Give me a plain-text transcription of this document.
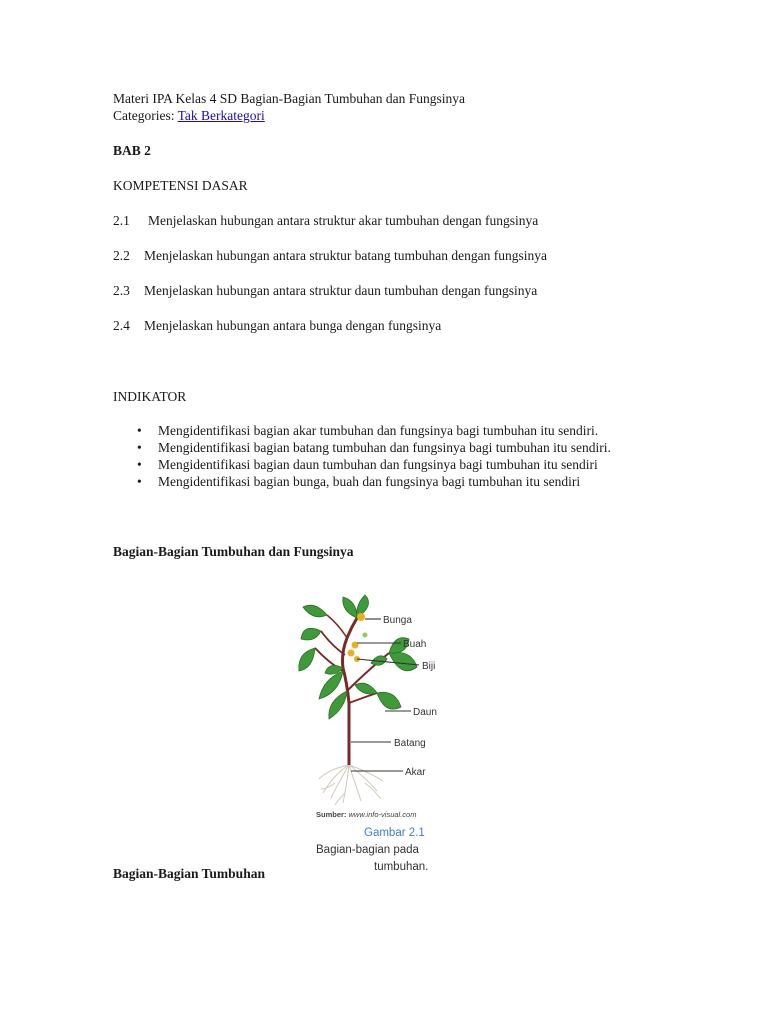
Materi IPA Kelas 4 SD Bagian-Bagian Tumbuhan dan Fungsinya

Categories: Tak Berkategori

BAB 2

KOMPETENSI DASAR

2.1	Menjelaskan hubungan antara struktur akar tumbuhan dengan fungsinya
2.2	Menjelaskan hubungan antara struktur batang tumbuhan dengan fungsinya
2.3	Menjelaskan hubungan antara struktur daun tumbuhan dengan fungsinya
2.4	Menjelaskan hubungan antara bunga dengan fungsinya

INDIKATOR

• Mengidentifikasi bagian akar tumbuhan dan fungsinya bagi tumbuhan itu sendiri.
• Mengidentifikasi bagian batang tumbuhan dan fungsinya bagi tumbuhan itu sendiri.
• Mengidentifikasi bagian daun tumbuhan dan fungsinya bagi tumbuhan itu sendiri
• Mengidentifikasi bagian bunga, buah dan fungsinya bagi tumbuhan itu sendiri

Bagian-Bagian Tumbuhan dan Fungsinya

Bunga
Buah
Biji
Daun
Batang
Akar
Sumber: www.info-visual.com
Gambar 2.1
Bagian-bagian pada
tumbuhan.

Bagian-Bagian Tumbuhan
